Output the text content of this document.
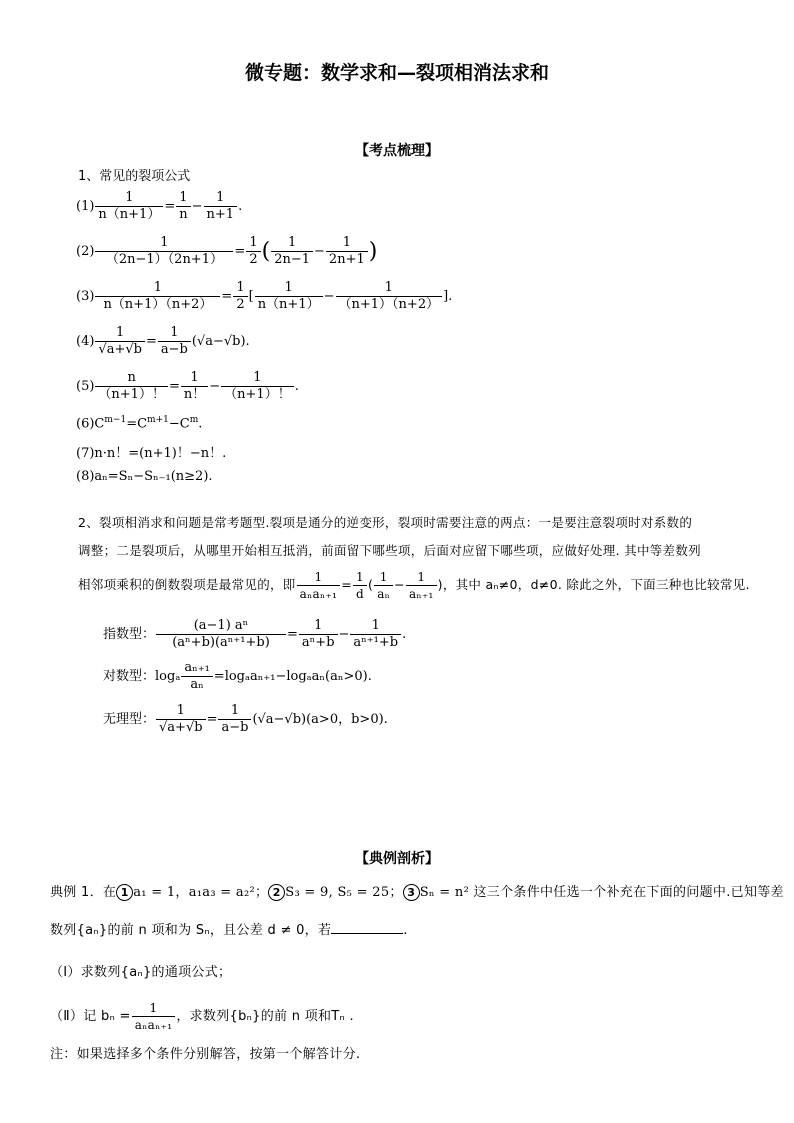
微专题：数学求和—裂项相消法求和
【考点梳理】
1、常见的裂项公式
$(1) \frac{1}{n(n+1)} = \frac{1}{n} - \frac{1}{n+1}$ .
$(2) \frac{1}{(2n-1)(2n+1)} = \frac{1}{2}$ ( $\frac{1}{2n-1} - \frac{1}{2n+1}$ )
$(3) \frac{1}{n(n+1)(n+2)} = \frac{1}{2}$ [ $\frac{1}{n(n+1)} - \frac{1}{(n+1)(n+2)}$ ].
$(4) \frac{1}{√a+√b} = \frac{1}{a-b} (√a-√b)$.
$(5) \frac{n}{(n+1)!} = \frac{1}{n!} - \frac{1}{(n+1)!}$ .
$(6)C^{m-1}=C^{m+1}-C^m$.
(7)n·n！=(n+1)！−n！.
(8)aₙ=Sₙ−Sₙ₋₁(n≥2).
2、裂项相消求和问题是常考题型.裂项是通分的逆变形，裂项时需要注意的两点：一是要注意裂项时对系数的
调整；二是裂项后，从哪里开始相互抵消，前面留下哪些项，后面对应留下哪些项，应做好处理. 其中等差数列
相邻项乘积的倒数裂项是最常见的，即 $\frac{1}{\text{aₙaₙ₊₁}} = \frac{1}{d}$ ( $\frac{1}{\text{aₙ}} - \frac{1}{\text{aₙ₊₁}}$ )，其中 aₙ≠0，d≠0. 除此之外，下面三种也比较常见.
指数型： $\frac{\text{(a−1) aⁿ}}{\text{(aⁿ+b)(aⁿ⁺¹+b)}} = \frac{1}{\text{aⁿ+b}} - \frac{1}{\text{aⁿ⁺¹+b}}$ .
对数型：logₐ $\frac{\text{aₙ₊₁}}{\text{aₙ}} =\log_aa_{n+1}-\log_aa_n(a_n>0)$.
无理型： $\frac{1}{√a+√b} = \frac{1}{a-b} (√a-√b)(a>0$，b>0).
【典例剖析】
典例 1．在 1 a₁ = 1，a₁a₃ = a₂²； 2 S₃ = 9, S₅ = 25； 3 Sₙ = n² 这三个条件中任选一个补充在下面的问题中.已知等差
数列{aₙ}的前 n 项和为 Sₙ，且公差 d ≠ 0，若	.
（Ⅰ）求数列{aₙ}的通项公式；
（Ⅱ）记 $b_n = \frac{1}{\text{aₙaₙ₊₁}}$ ，求数列{bₙ}的前 n 项和Tₙ .
注：如果选择多个条件分别解答，按第一个解答计分.
